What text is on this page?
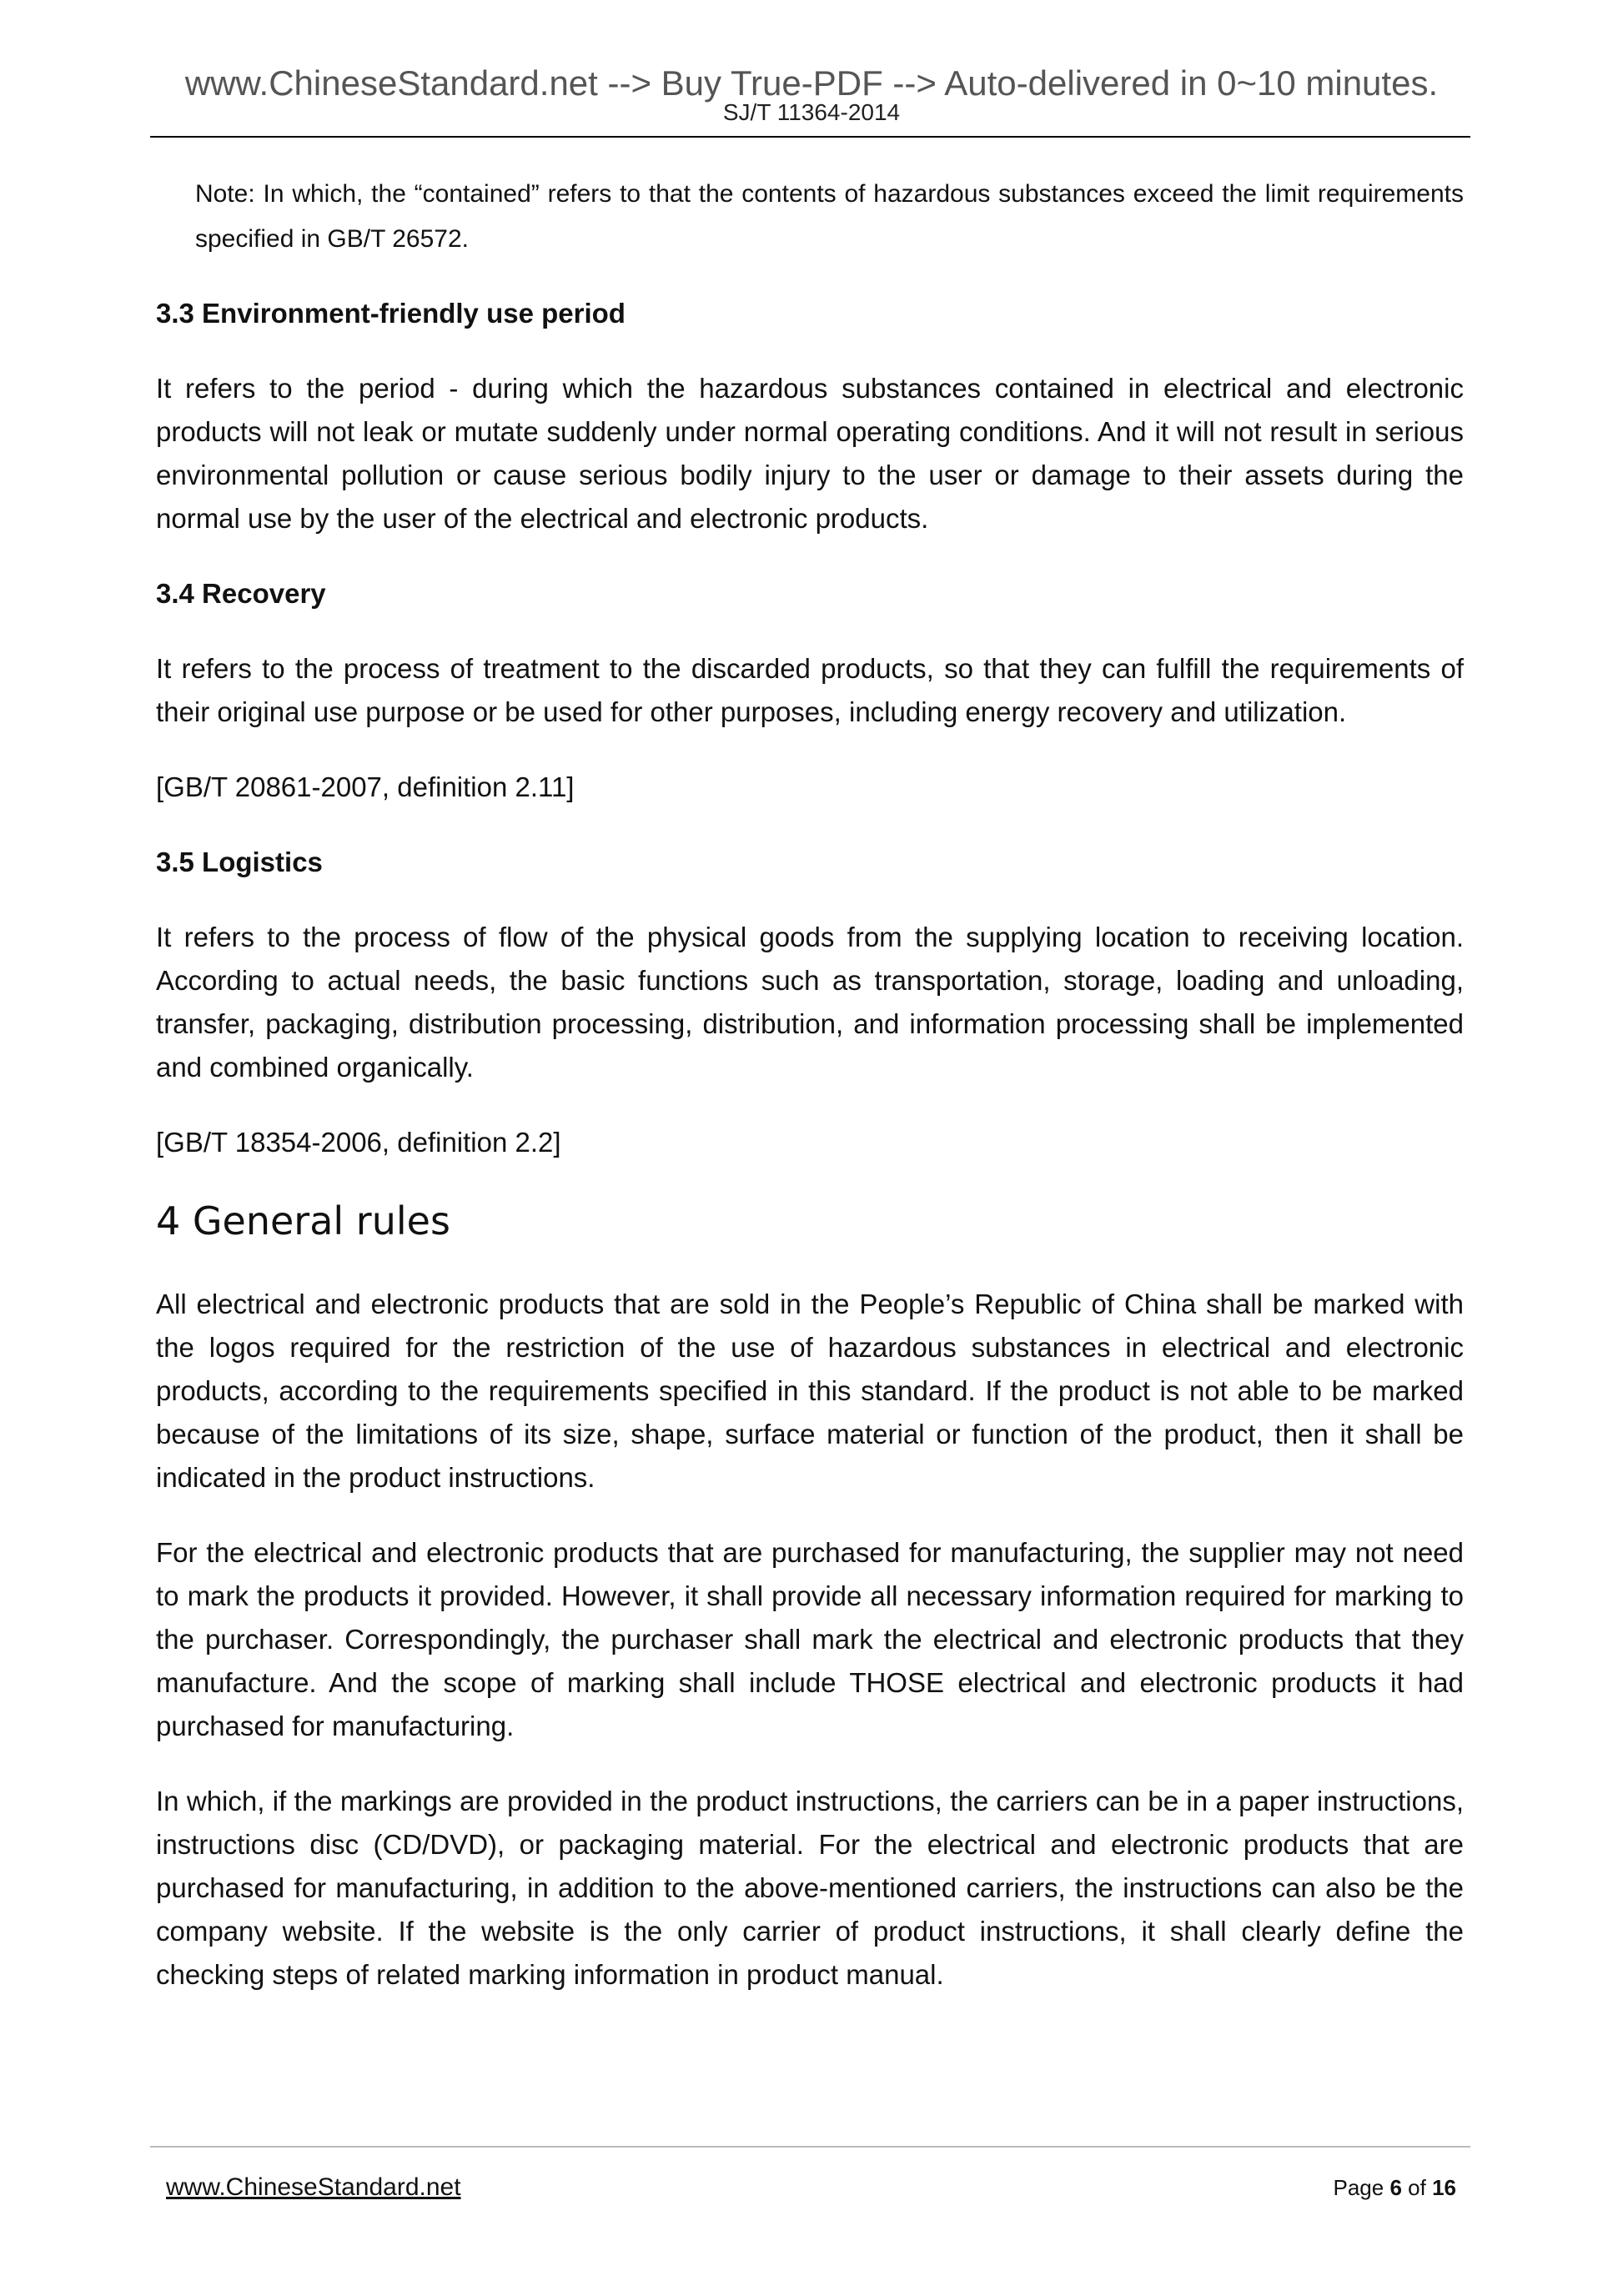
www.ChineseStandard.net --> Buy True-PDF --> Auto-delivered in 0~10 minutes.
SJ/T 11364-2014

Note: In which, the “contained” refers to that the contents of hazardous substances exceed the limit requirements specified in GB/T 26572.

3.3 Environment-friendly use period

It refers to the period - during which the hazardous substances contained in electrical and electronic products will not leak or mutate suddenly under normal operating conditions. And it will not result in serious environmental pollution or cause serious bodily injury to the user or damage to their assets during the normal use by the user of the electrical and electronic products.

3.4 Recovery

It refers to the process of treatment to the discarded products, so that they can fulfill the requirements of their original use purpose or be used for other purposes, including energy recovery and utilization.

[GB/T 20861-2007, definition 2.11]

3.5 Logistics

It refers to the process of flow of the physical goods from the supplying location to receiving location. According to actual needs, the basic functions such as transportation, storage, loading and unloading, transfer, packaging, distribution processing, distribution, and information processing shall be implemented and combined organically.

[GB/T 18354-2006, definition 2.2]

4 General rules

All electrical and electronic products that are sold in the People’s Republic of China shall be marked with the logos required for the restriction of the use of hazardous substances in electrical and electronic products, according to the requirements specified in this standard. If the product is not able to be marked because of the limitations of its size, shape, surface material or function of the product, then it shall be indicated in the product instructions.

For the electrical and electronic products that are purchased for manufacturing, the supplier may not need to mark the products it provided. However, it shall provide all necessary information required for marking to the purchaser. Correspondingly, the purchaser shall mark the electrical and electronic products that they manufacture. And the scope of marking shall include THOSE electrical and electronic products it had purchased for manufacturing.

In which, if the markings are provided in the product instructions, the carriers can be in a paper instructions, instructions disc (CD/DVD), or packaging material. For the electrical and electronic products that are purchased for manufacturing, in addition to the above-mentioned carriers, the instructions can also be the company website. If the website is the only carrier of product instructions, it shall clearly define the checking steps of related marking information in product manual.

www.ChineseStandard.net	Page 6 of 16
